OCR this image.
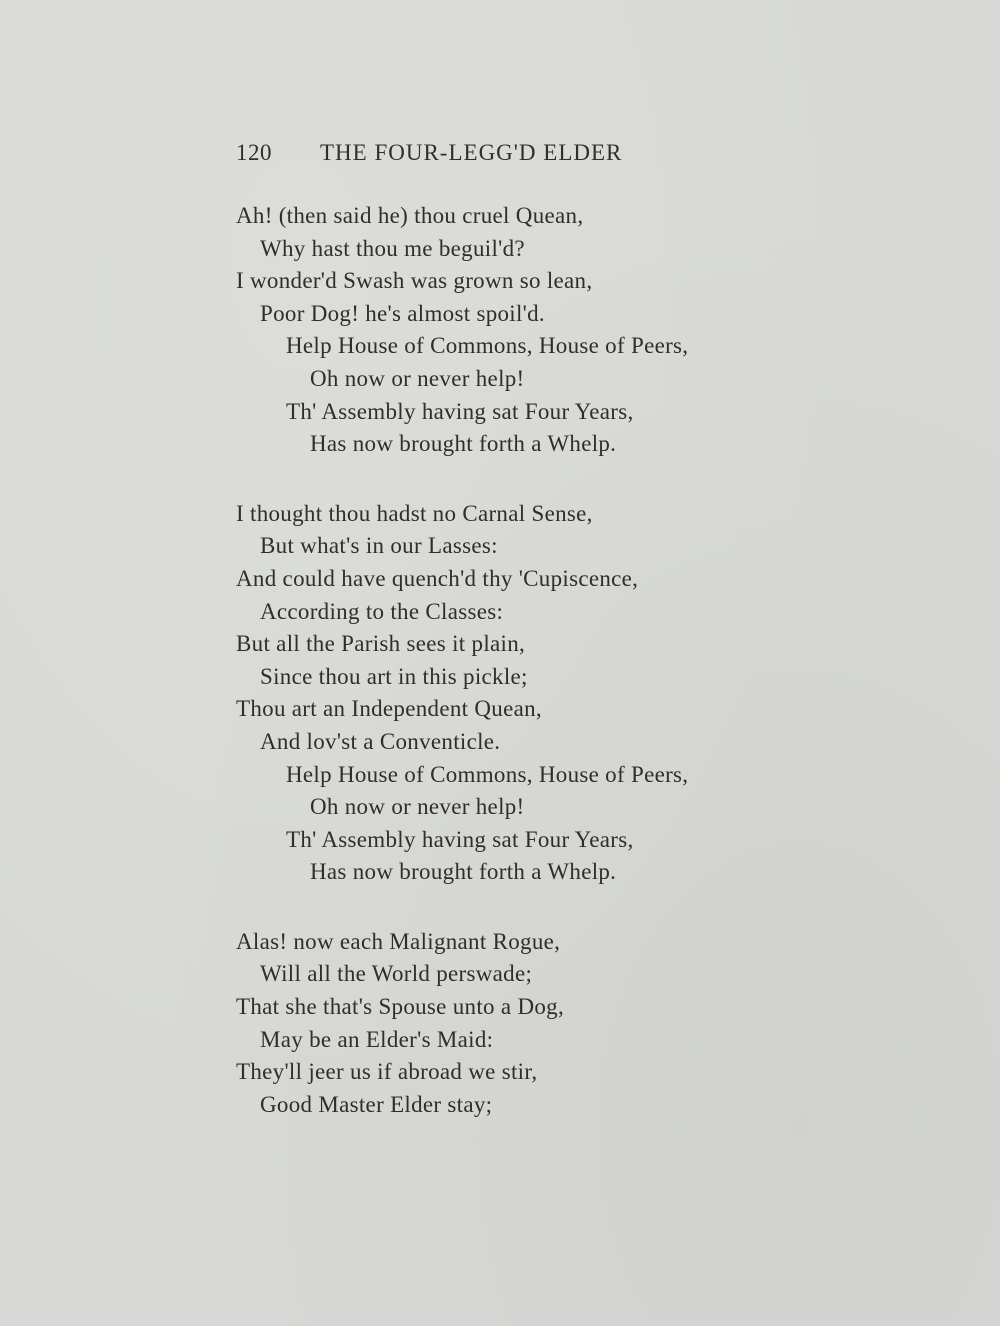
120 THE FOUR-LEGG'D ELDER
Ah! (then said he) thou cruel Quean,
Why hast thou me beguil'd?
I wonder'd Swash was grown so lean,
Poor Dog! he's almost spoil'd.
Help House of Commons, House of Peers,
Oh now or never help!
Th' Assembly having sat Four Years,
Has now brought forth a Whelp.
I thought thou hadst no Carnal Sense,
But what's in our Lasses:
And could have quench'd thy 'Cupiscence,
According to the Classes:
But all the Parish sees it plain,
Since thou art in this pickle;
Thou art an Independent Quean,
And lov'st a Conventicle.
Help House of Commons, House of Peers,
Oh now or never help!
Th' Assembly having sat Four Years,
Has now brought forth a Whelp.
Alas! now each Malignant Rogue,
Will all the World perswade;
That she that's Spouse unto a Dog,
May be an Elder's Maid:
They'll jeer us if abroad we stir,
Good Master Elder stay;
